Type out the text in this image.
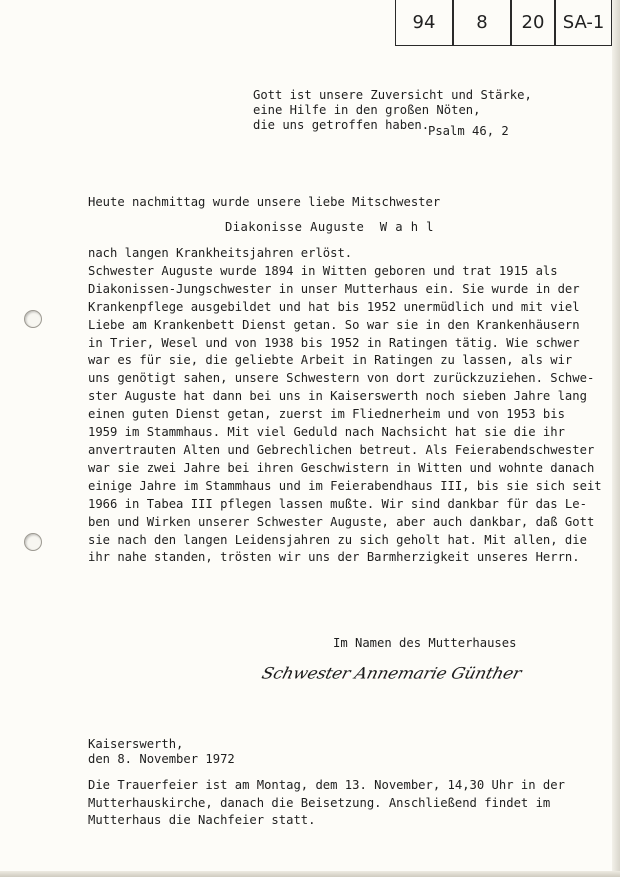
94 8 20 SA-1

Gott ist unsere Zuversicht und Stärke,
eine Hilfe in den großen Nöten,
die uns getroffen haben.

Psalm 46, 2

Heute nachmittag wurde unsere liebe Mitschwester

Diakonisse Auguste  W a h l

nach langen Krankheitsjahren erlöst.
Schwester Auguste wurde 1894 in Witten geboren und trat 1915 als
Diakonissen-Jungschwester in unser Mutterhaus ein. Sie wurde in der
Krankenpflege ausgebildet und hat bis 1952 unermüdlich und mit viel
Liebe am Krankenbett Dienst getan. So war sie in den Krankenhäusern
in Trier, Wesel und von 1938 bis 1952 in Ratingen tätig. Wie schwer
war es für sie, die geliebte Arbeit in Ratingen zu lassen, als wir
uns genötigt sahen, unsere Schwestern von dort zurückzuziehen. Schwe-
ster Auguste hat dann bei uns in Kaiserswerth noch sieben Jahre lang
einen guten Dienst getan, zuerst im Fliednerheim und von 1953 bis
1959 im Stammhaus. Mit viel Geduld nach Nachsicht hat sie die ihr
anvertrauten Alten und Gebrechlichen betreut. Als Feierabendschwester
war sie zwei Jahre bei ihren Geschwistern in Witten und wohnte danach
einige Jahre im Stammhaus und im Feierabendhaus III, bis sie sich seit
1966 in Tabea III pflegen lassen mußte. Wir sind dankbar für das Le-
ben und Wirken unserer Schwester Auguste, aber auch dankbar, daß Gott
sie nach den langen Leidensjahren zu sich geholt hat. Mit allen, die
ihr nahe standen, trösten wir uns der Barmherzigkeit unseres Herrn.

Im Namen des Mutterhauses

Schwester Annemarie Günther

Kaiserswerth,

den 8. November 1972

Die Trauerfeier ist am Montag, dem 13. November, 14,30 Uhr in der
Mutterhauskirche, danach die Beisetzung. Anschließend findet im
Mutterhaus die Nachfeier statt.
